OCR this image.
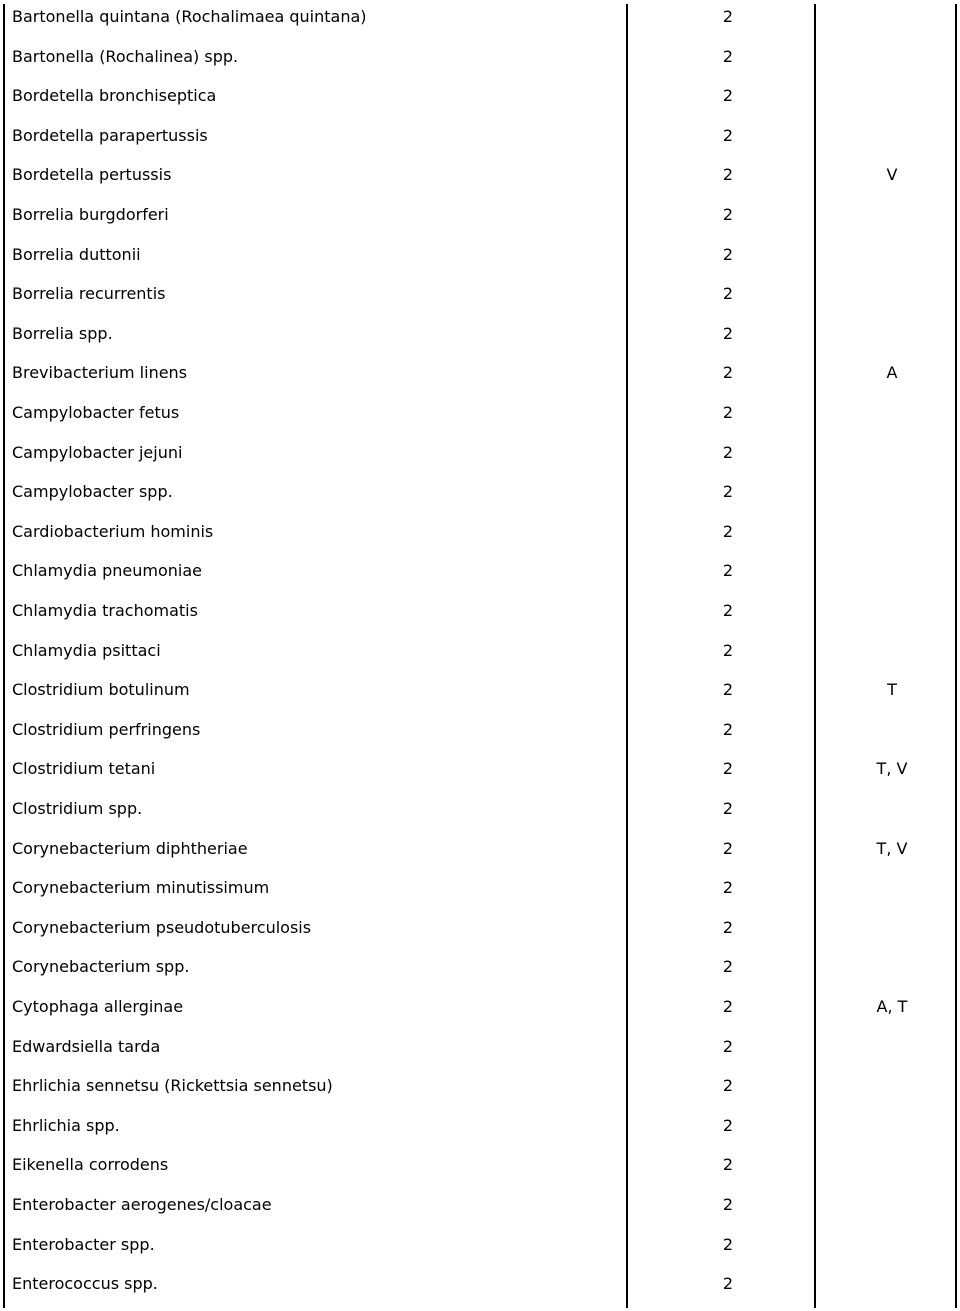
Bartonella quintana (Rochalimaea quintana)	2
Bartonella (Rochalinea) spp.	2
Bordetella bronchiseptica	2
Bordetella parapertussis	2
Bordetella pertussis	2	V
Borrelia burgdorferi	2
Borrelia duttonii	2
Borrelia recurrentis	2
Borrelia spp.	2
Brevibacterium linens	2	A
Campylobacter fetus	2
Campylobacter jejuni	2
Campylobacter spp.	2
Cardiobacterium hominis	2
Chlamydia pneumoniae	2
Chlamydia trachomatis	2
Chlamydia psittaci	2
Clostridium botulinum	2	T
Clostridium perfringens	2
Clostridium tetani	2	T, V
Clostridium spp.	2
Corynebacterium diphtheriae	2	T, V
Corynebacterium minutissimum	2
Corynebacterium pseudotuberculosis	2
Corynebacterium spp.	2
Cytophaga allerginae	2	A, T
Edwardsiella tarda	2
Ehrlichia sennetsu (Rickettsia sennetsu)	2
Ehrlichia spp.	2
Eikenella corrodens	2
Enterobacter aerogenes/cloacae	2
Enterobacter spp.	2
Enterococcus spp.	2
